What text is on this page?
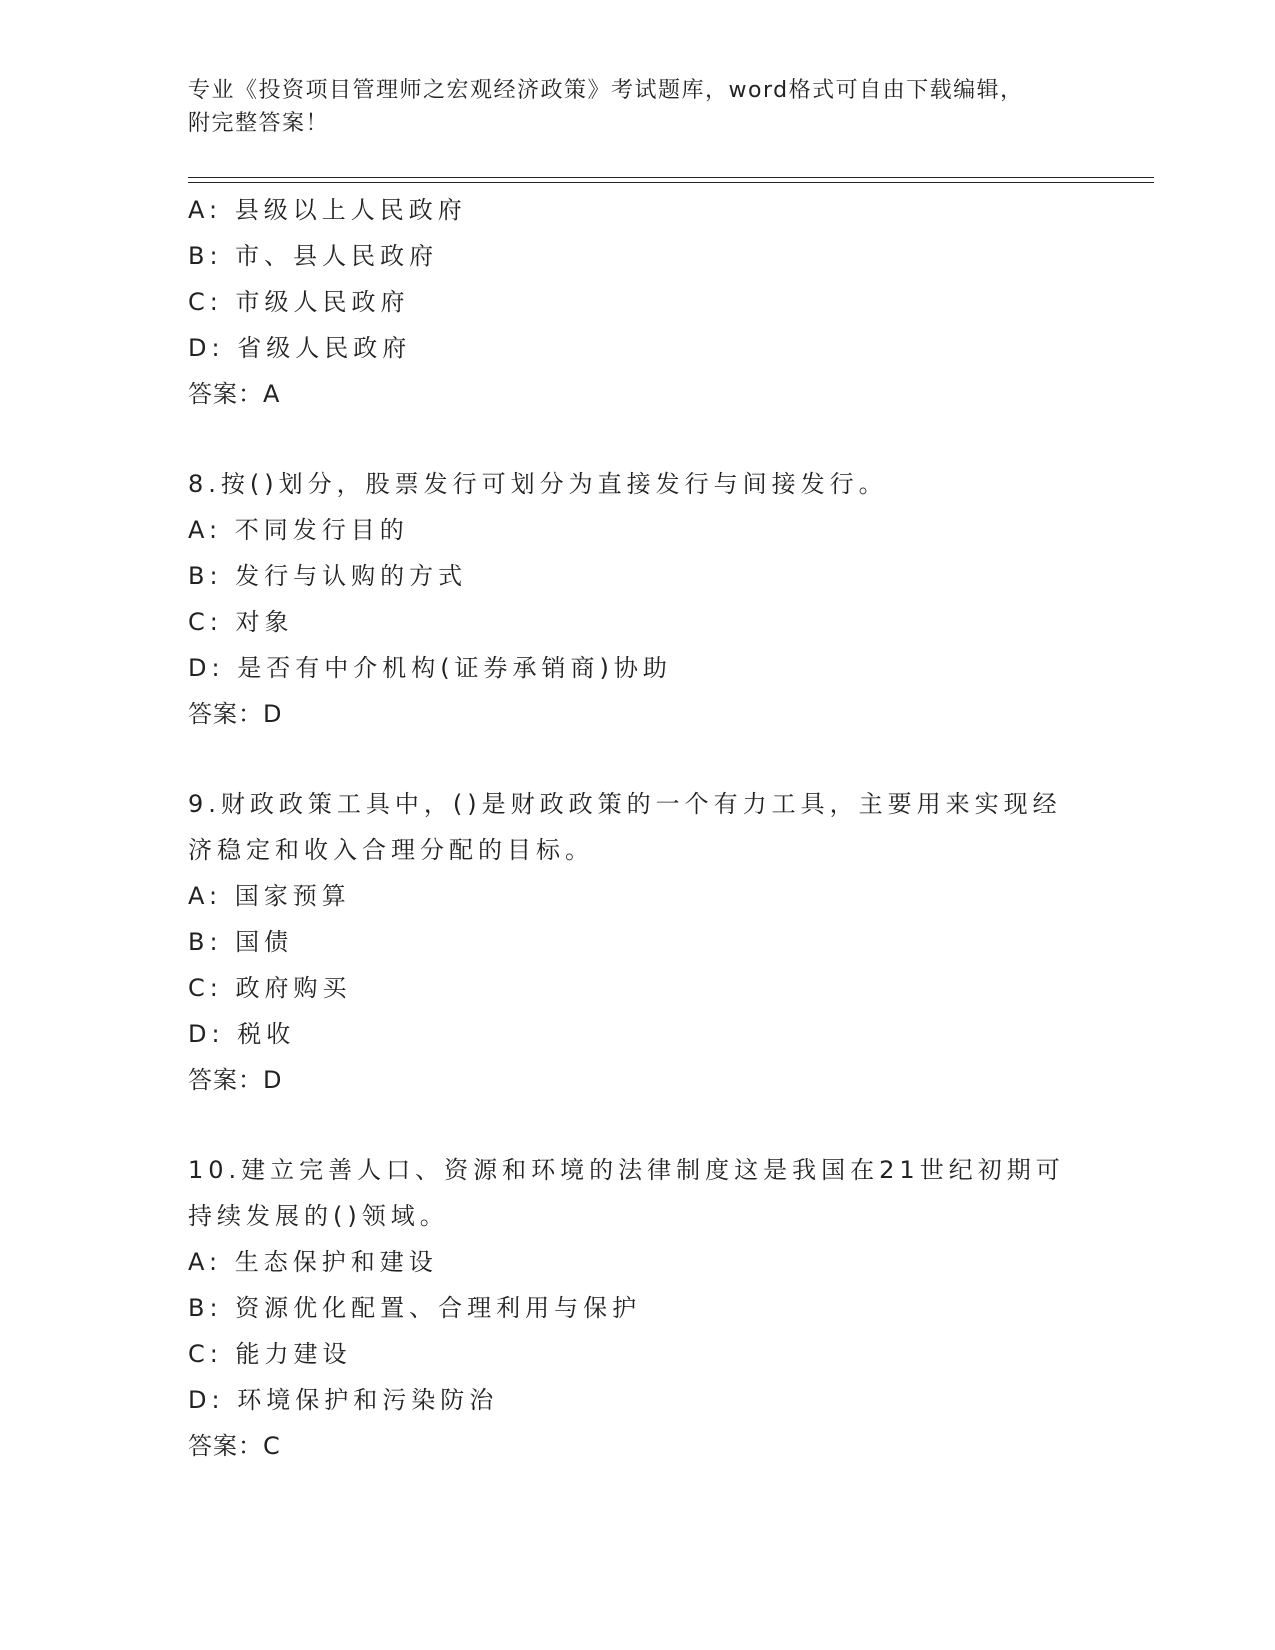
专业《投资项目管理师之宏观经济政策》考试题库，word格式可自由下载编辑，
附完整答案！
A: 县级以上人民政府
B: 市、县人民政府
C: 市级人民政府
D: 省级人民政府
答案：A
8.按()划分，股票发行可划分为直接发行与间接发行。
A: 不同发行目的
B: 发行与认购的方式
C: 对象
D: 是否有中介机构(证券承销商)协助
答案：D
9.财政政策工具中，()是财政政策的一个有力工具，主要用来实现经
济稳定和收入合理分配的目标。
A: 国家预算
B: 国债
C: 政府购买
D: 税收
答案：D
10.建立完善人口、资源和环境的法律制度这是我国在21世纪初期可
持续发展的()领域。
A: 生态保护和建设
B: 资源优化配置、合理利用与保护
C: 能力建设
D: 环境保护和污染防治
答案：C
